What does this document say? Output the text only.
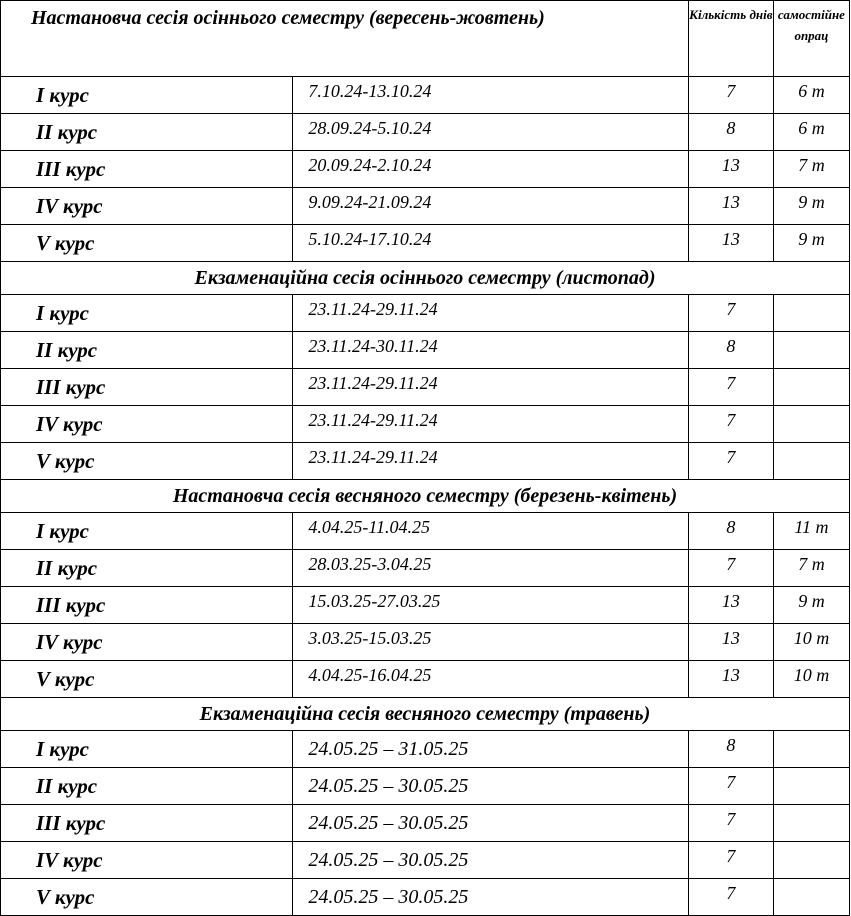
Настановча сесія осіннього семестру (вересень-жовтень)		Кількість днів	самостійне опрац
I курс	7.10.24-13.10.24	7	6 т
II курс	28.09.24-5.10.24	8	6 т
III курс	20.09.24-2.10.24	13	7 т
IV курс	9.09.24-21.09.24	13	9 т
V курс	5.10.24-17.10.24	13	9 т
Екзаменаційна сесія осіннього семестру (листопад)			
I курс	23.11.24-29.11.24	7	
II курс	23.11.24-30.11.24	8	
III курс	23.11.24-29.11.24	7	
IV курс	23.11.24-29.11.24	7	
V курс	23.11.24-29.11.24	7	
Настановча сесія весняного семестру (березень-квітень)			
I курс	4.04.25-11.04.25	8	11 т
II курс	28.03.25-3.04.25	7	7 т
III курс	15.03.25-27.03.25	13	9 т
IV курс	3.03.25-15.03.25	13	10 т
V курс	4.04.25-16.04.25	13	10 т
Екзаменаційна сесія весняного семестру (травень)			
I курс	24.05.25 – 31.05.25	8	
II курс	24.05.25 – 30.05.25	7	
III курс	24.05.25 – 30.05.25	7	
IV курс	24.05.25 – 30.05.25	7	
V курс	24.05.25 – 30.05.25	7	
